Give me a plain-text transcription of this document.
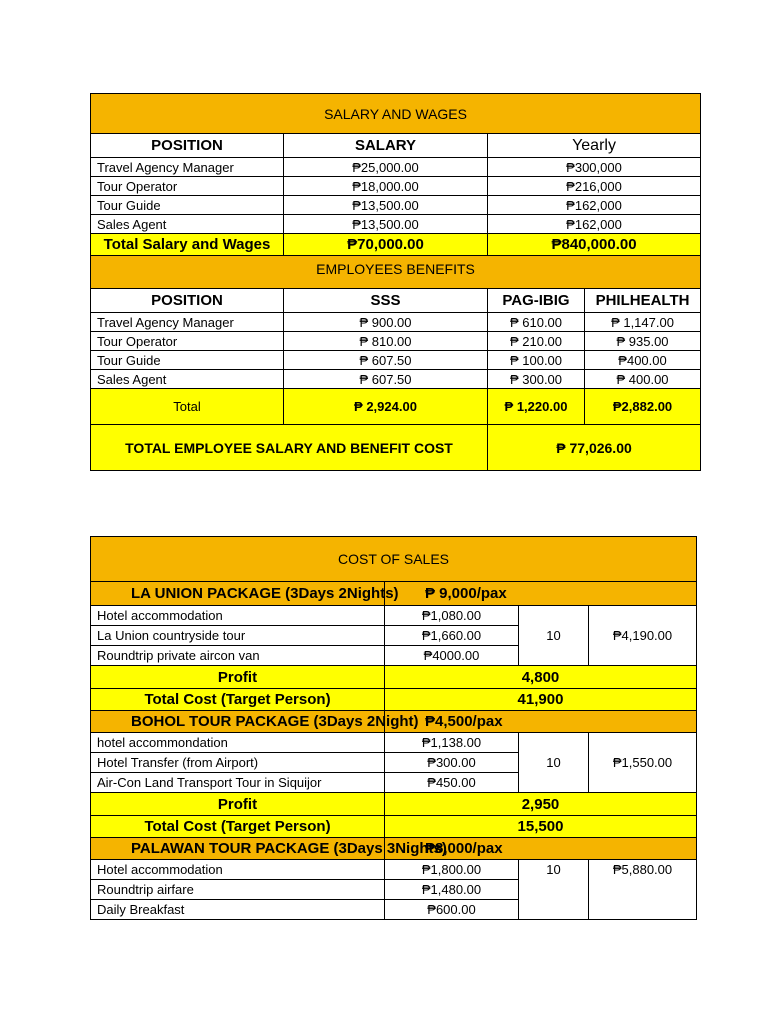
SALARY AND WAGES			
POSITION	SALARY	Yearly	
Travel Agency Manager	₱25,000.00	₱300,000	
Tour Operator	₱18,000.00	₱216,000	
Tour Guide	₱13,500.00	₱162,000	
Sales Agent	₱13,500.00	₱162,000	
Total Salary and Wages	₱70,000.00	₱840,000.00	
EMPLOYEES BENEFITS			
POSITION	SSS	PAG-IBIG	PHILHEALTH
Travel Agency Manager	₱ 900.00	₱ 610.00	₱ 1,147.00
Tour Operator	₱ 810.00	₱ 210.00	₱ 935.00
Tour Guide	₱ 607.50	₱ 100.00	₱400.00
Sales Agent	₱ 607.50	₱ 300.00	₱ 400.00
Total	₱ 2,924.00	₱ 1,220.00	₱2,882.00
TOTAL EMPLOYEE SALARY AND BENEFIT COST		₱ 77,026.00	
COST OF SALES			
LA UNION PACKAGE (3Days 2Nights)	₱ 9,000/pax		
Hotel accommodation	₱1,080.00	10	₱4,190.00
La Union countryside tour	₱1,660.00		
Roundtrip private aircon van	₱4000.00		
Profit	4,800		
Total Cost (Target Person)	41,900		
BOHOL TOUR PACKAGE (3Days 2Night)	₱4,500/pax		
hotel accommondation	₱1,138.00	10	₱1,550.00
Hotel Transfer (from Airport)	₱300.00		
Air-Con Land Transport Tour in Siquijor	₱450.00		
Profit	2,950		
Total Cost (Target Person)	15,500		
PALAWAN TOUR PACKAGE (3Days 3Nights)	₱8,000/pax		
Hotel accommodation	₱1,800.00	10	₱5,880.00
Roundtrip airfare	₱1,480.00		
Daily Breakfast	₱600.00		
